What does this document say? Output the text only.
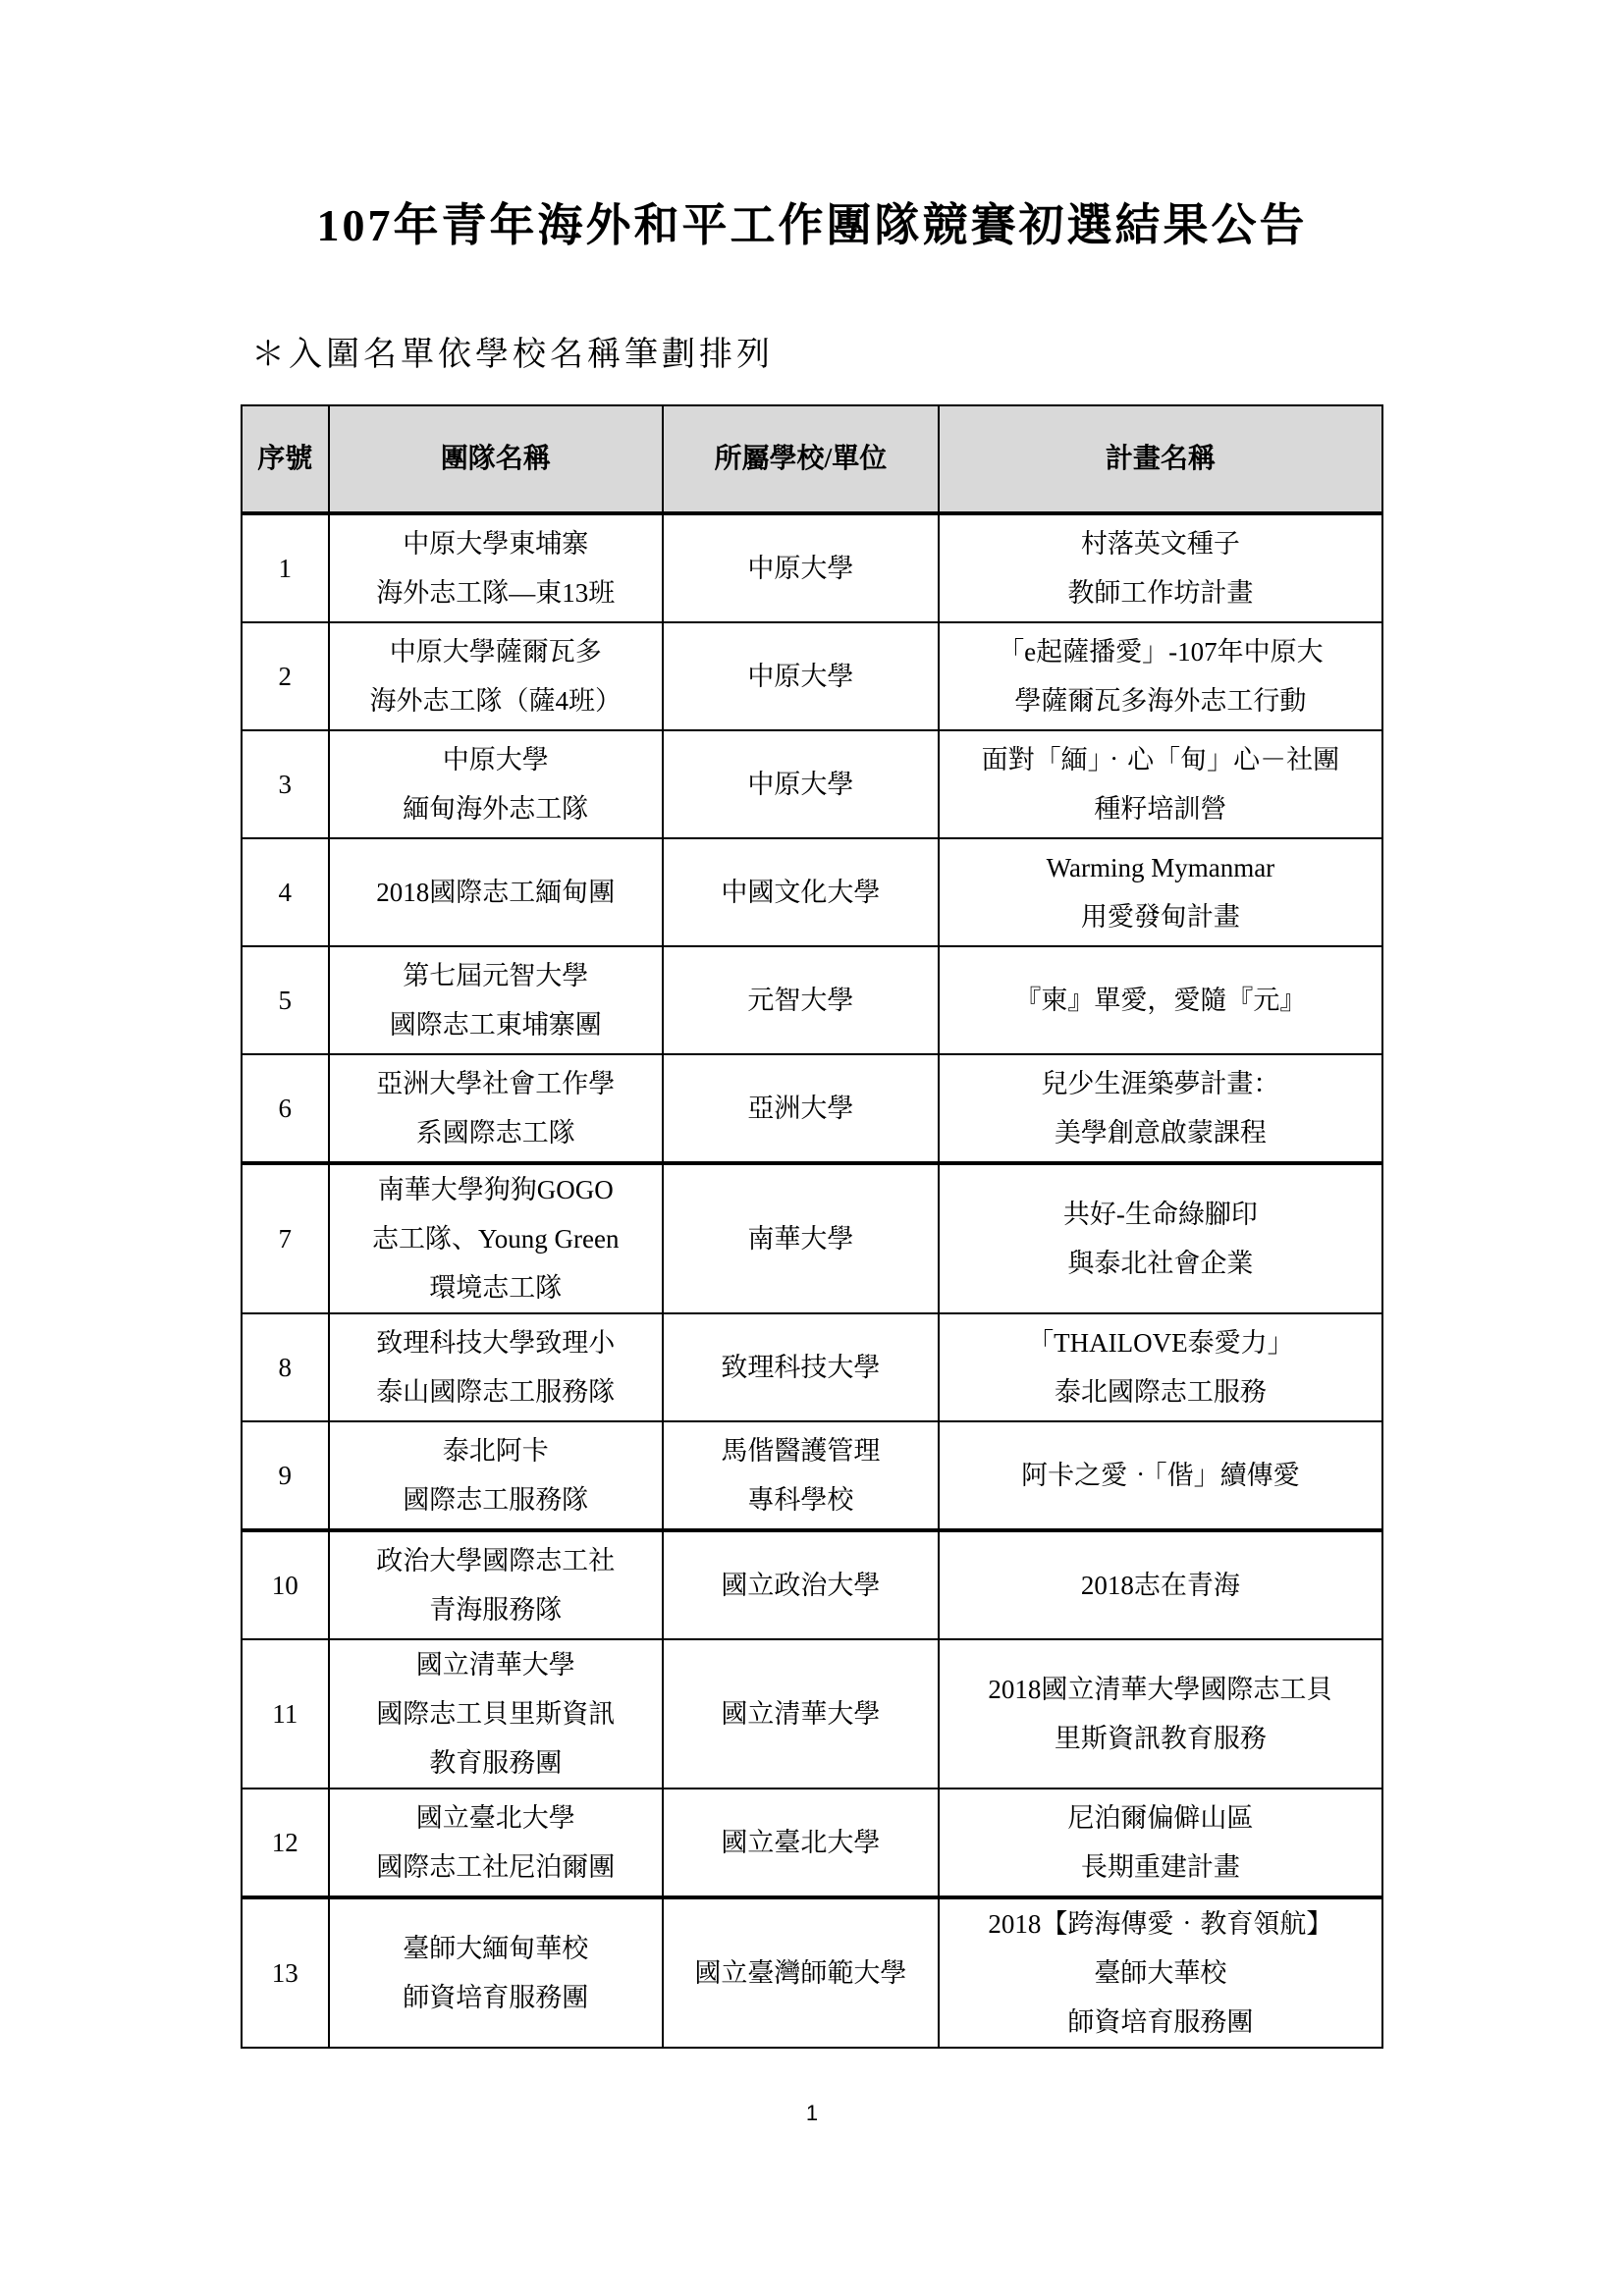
107年青年海外和平工作團隊競賽初選結果公告
＊入圍名單依學校名稱筆劃排列
序號	團隊名稱	所屬學校/單位	計畫名稱
1	中原大學東埔寨
海外志工隊—東13班	中原大學	村落英文種子
教師工作坊計畫

2	中原大學薩爾瓦多
海外志工隊（薩4班）	中原大學	「e起薩播愛」-107年中原大
學薩爾瓦多海外志工行動

3	中原大學
緬甸海外志工隊	中原大學	面對「緬」‧心「甸」心－社團
種籽培訓營

4	2018國際志工緬甸團	中國文化大學	Warming Mymanmar
用愛發甸計畫

5	第七屆元智大學
國際志工東埔寨團	元智大學	『柬』單愛，愛隨『元』

6	亞洲大學社會工作學
系國際志工隊	亞洲大學	兒少生涯築夢計畫：
美學創意啟蒙課程

7	南華大學狗狗GOGO
志工隊、Young Green
環境志工隊	南華大學	共好-生命綠腳印
與泰北社會企業

8	致理科技大學致理小
泰山國際志工服務隊	致理科技大學	「THAILOVE泰愛力」
泰北國際志工服務

9	泰北阿卡
國際志工服務隊	馬偕醫護管理
專科學校	阿卡之愛‧「偕」續傳愛

10	政治大學國際志工社
青海服務隊	國立政治大學	2018志在青海

11	國立清華大學
國際志工貝里斯資訊
教育服務團	國立清華大學	2018國立清華大學國際志工貝
里斯資訊教育服務

12	國立臺北大學
國際志工社尼泊爾團	國立臺北大學	尼泊爾偏僻山區
長期重建計畫

13	臺師大緬甸華校
師資培育服務團	國立臺灣師範大學	2018【跨海傳愛‧教育領航】
臺師大華校
師資培育服務團
1
